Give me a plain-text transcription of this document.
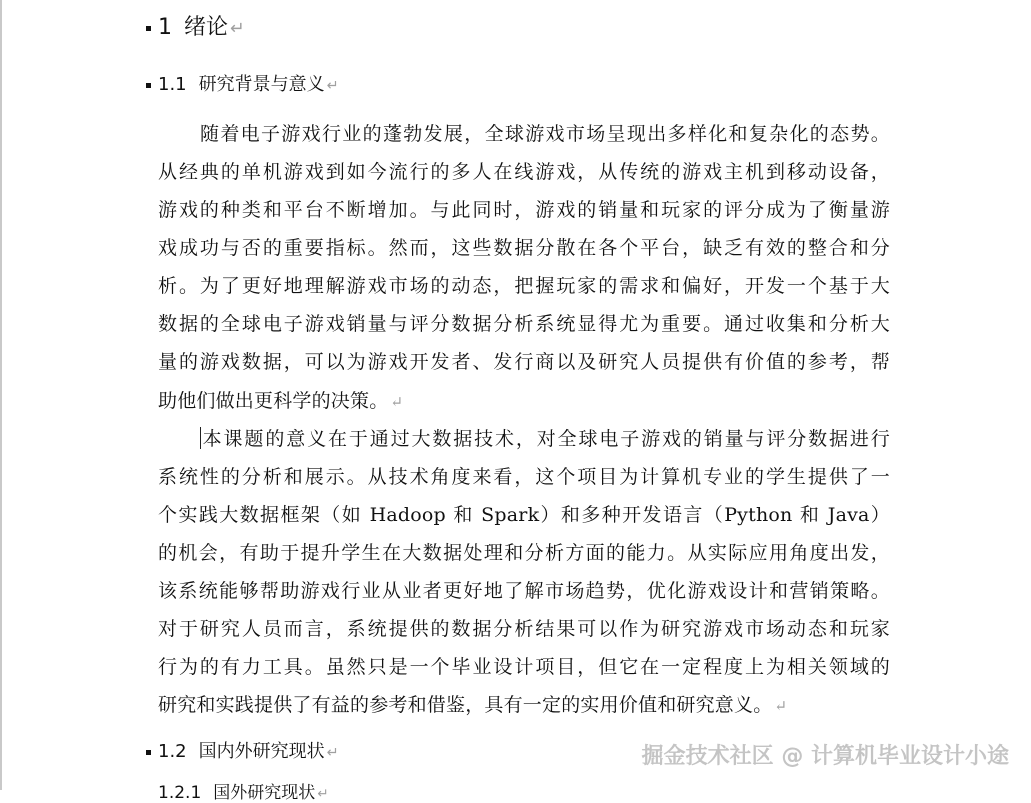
1 绪论 ↵
1.1 研究背景与意义 ↵
随着电子游戏行业的蓬勃发展，全球游戏市场呈现出多样化和复杂化的态势。
从经典的单机游戏到如今流行的多人在线游戏，从传统的游戏主机到移动设备，
游戏的种类和平台不断增加。与此同时，游戏的销量和玩家的评分成为了衡量游
戏成功与否的重要指标。然而，这些数据分散在各个平台，缺乏有效的整合和分
析。为了更好地理解游戏市场的动态，把握玩家的需求和偏好，开发一个基于大
数据的全球电子游戏销量与评分数据分析系统显得尤为重要。通过收集和分析大
量的游戏数据，可以为游戏开发者、发行商以及研究人员提供有价值的参考，帮
助他们做出更科学的决策。 ↵
本课题的意义在于通过大数据技术，对全球电子游戏的销量与评分数据进行
系统性的分析和展示。从技术角度来看，这个项目为计算机专业的学生提供了一
个实践大数据框架（如 Hadoop 和 Spark）和多种开发语言（Python 和 Java）
的机会，有助于提升学生在大数据处理和分析方面的能力。从实际应用角度出发，
该系统能够帮助游戏行业从业者更好地了解市场趋势，优化游戏设计和营销策略。
对于研究人员而言，系统提供的数据分析结果可以作为研究游戏市场动态和玩家
行为的有力工具。虽然只是一个毕业设计项目，但它在一定程度上为相关领域的
研究和实践提供了有益的参考和借鉴，具有一定的实用价值和研究意义。 ↵
1.2 国内外研究现状 ↵
1.2.1 国外研究现状 ↵
掘金技术社区 @ 计算机毕业设计小途
